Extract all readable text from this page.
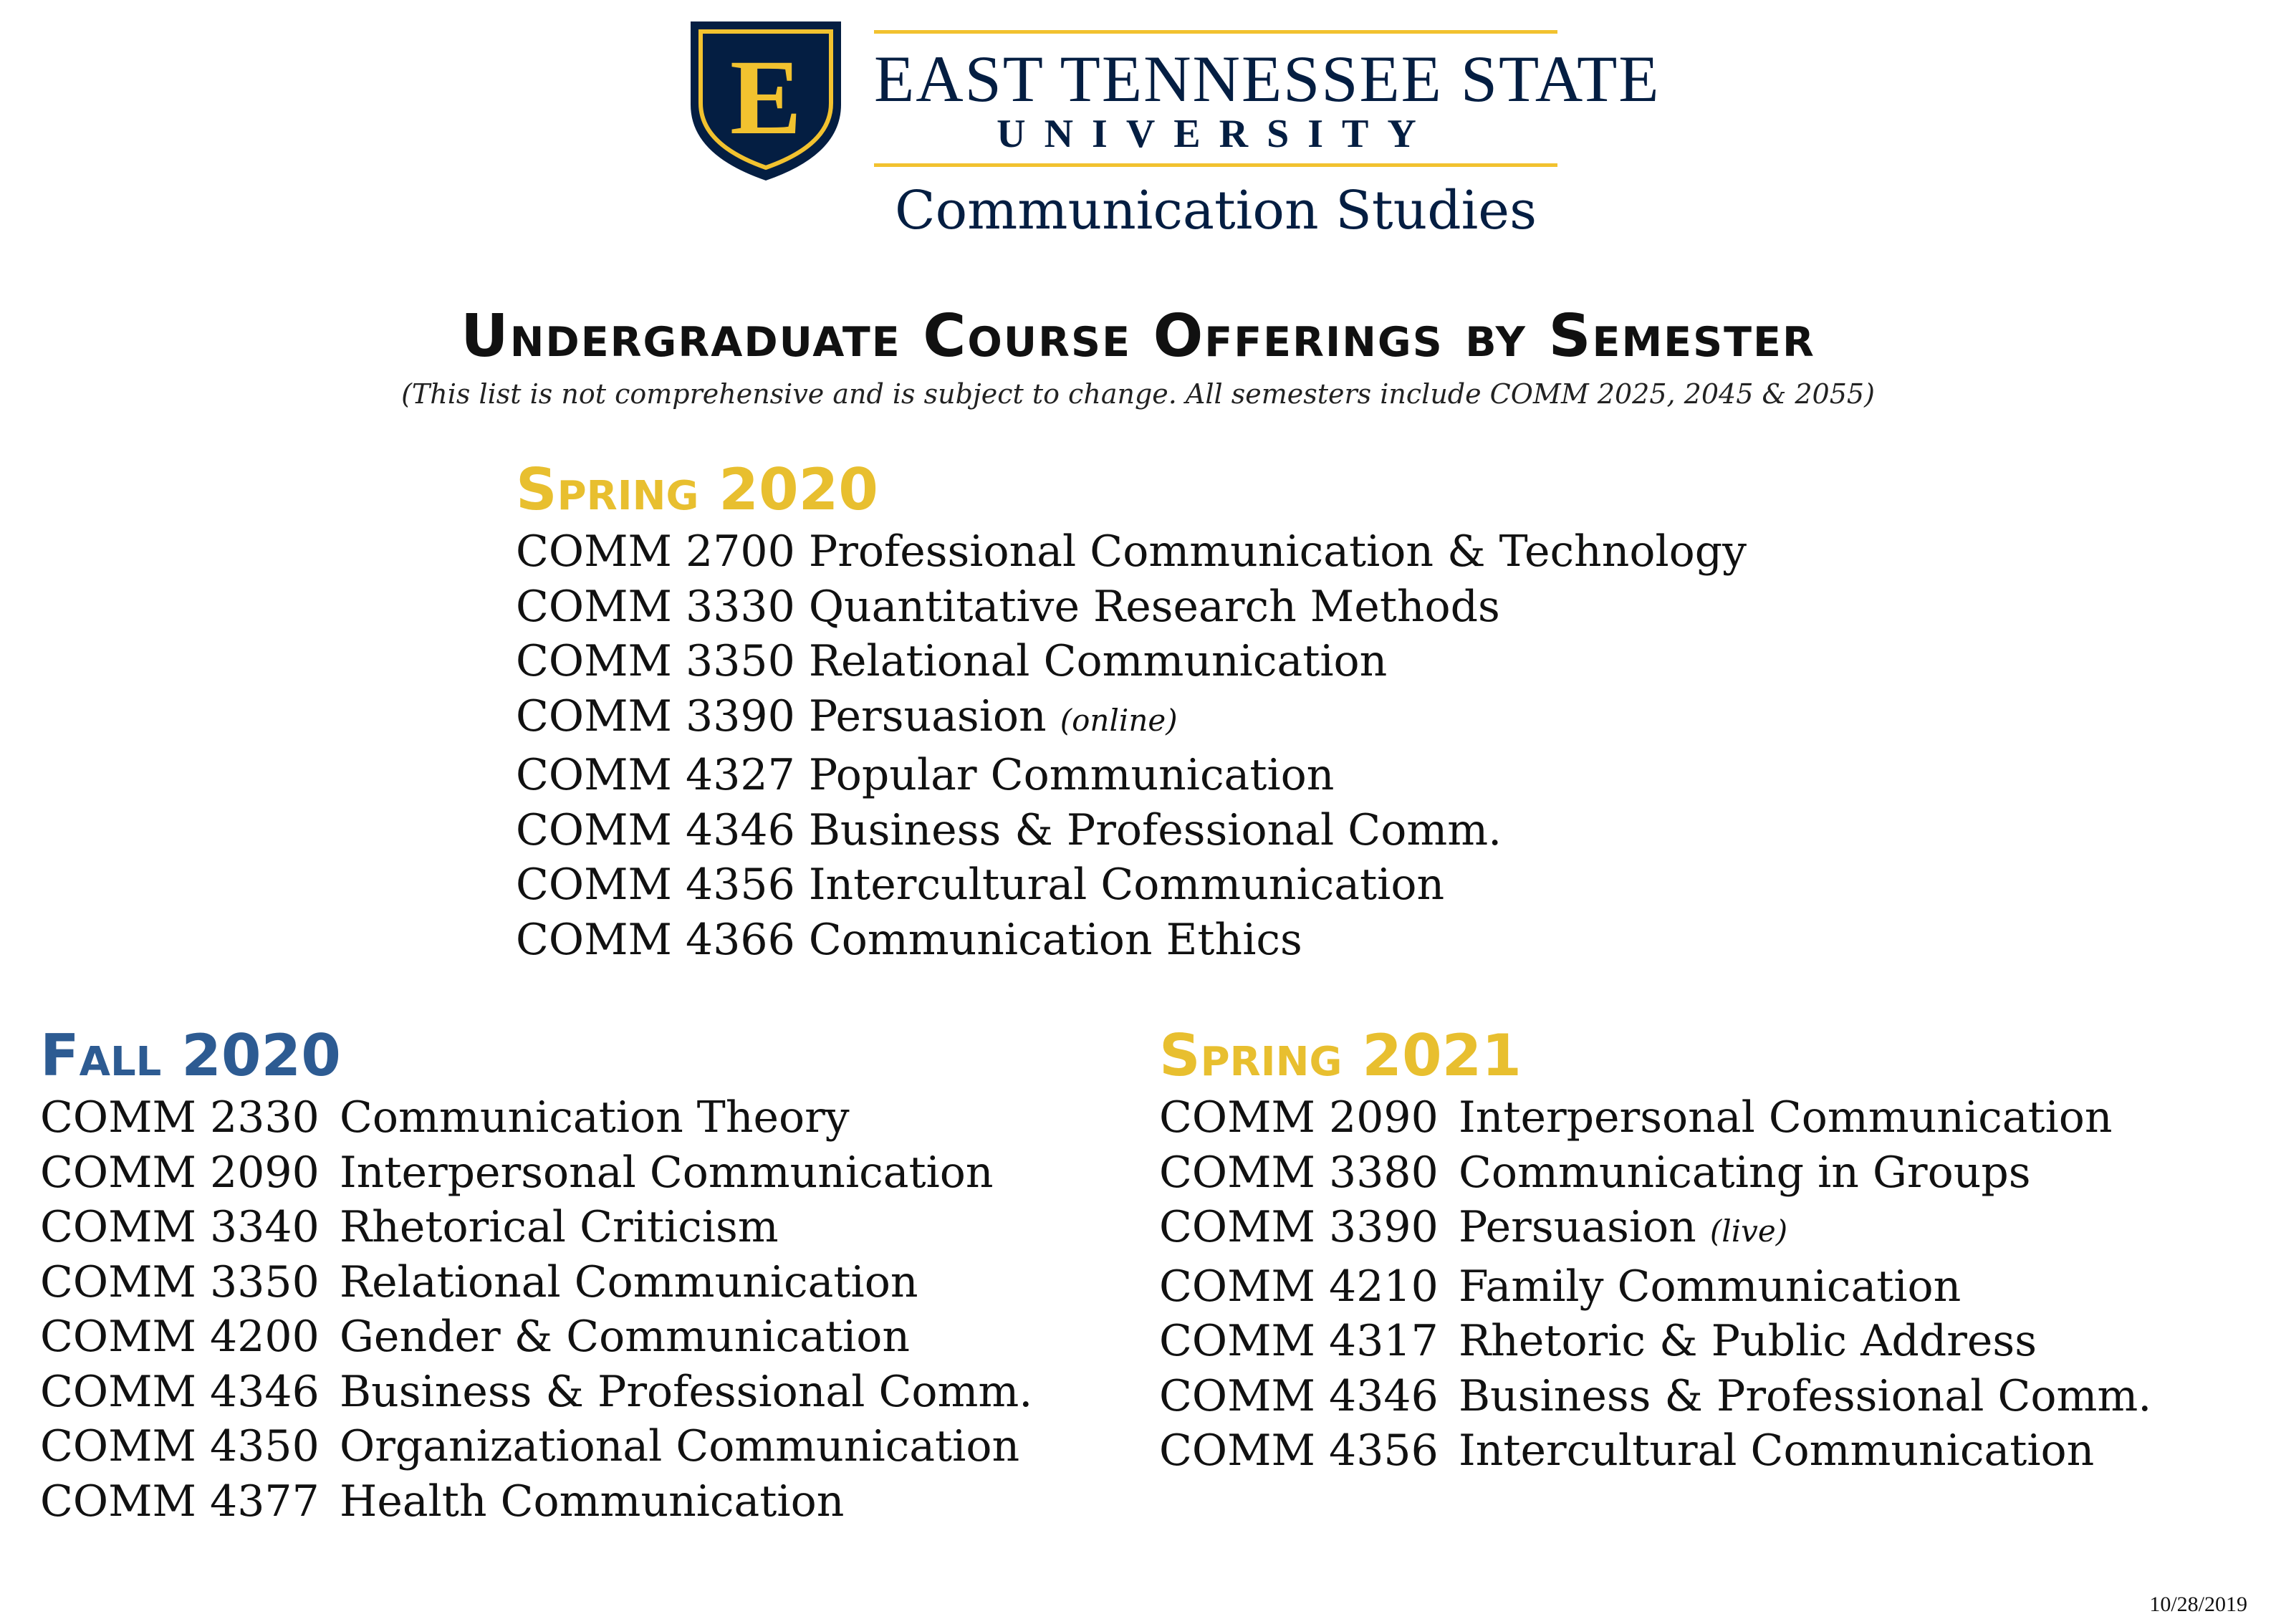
E EAST TENNESSEE STATE
UNIVERSITY
Communication Studies
Undergraduate Course Offerings by Semester
(This list is not comprehensive and is subject to change. All semesters include COMM 2025, 2045 & 2055)
Spring 2020
COMM 2700 Professional Communication & Technology
COMM 3330 Quantitative Research Methods
COMM 3350 Relational Communication
COMM 3390 Persuasion (online)
COMM 4327 Popular Communication
COMM 4346 Business & Professional Comm.
COMM 4356 Intercultural Communication
COMM 4366 Communication Ethics
Fall 2020
COMM 2330 Communication Theory
COMM 2090 Interpersonal Communication
COMM 3340 Rhetorical Criticism
COMM 3350 Relational Communication
COMM 4200 Gender & Communication
COMM 4346 Business & Professional Comm.
COMM 4350 Organizational Communication
COMM 4377 Health Communication
Spring 2021
COMM 2090 Interpersonal Communication
COMM 3380 Communicating in Groups
COMM 3390 Persuasion (live)
COMM 4210 Family Communication
COMM 4317 Rhetoric & Public Address
COMM 4346 Business & Professional Comm.
COMM 4356 Intercultural Communication
10/28/2019
